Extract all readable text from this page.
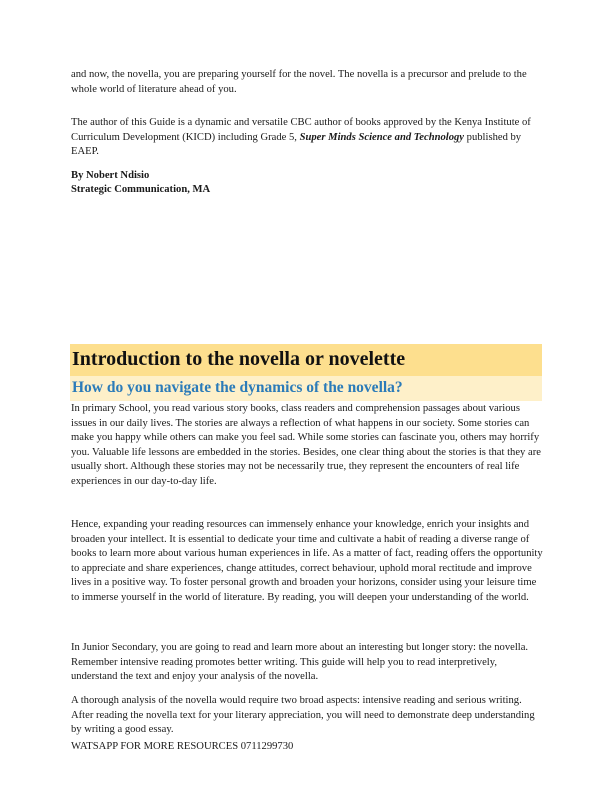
and now, the novella, you are preparing yourself for the novel. The novella is a precursor and prelude to the whole world of literature ahead of you.

The author of this Guide is a dynamic and versatile CBC author of books approved by the Kenya Institute of Curriculum Development (KICD) including Grade 5, Super Minds Science and Technology published by EAEP.

By Nobert Ndisio
Strategic Communication, MA
Introduction to the novella or novelette
How do you navigate the dynamics of the novella?

In primary School, you read various story books, class readers and comprehension passages about various issues in our daily lives. The stories are always a reflection of what happens in our society. Some stories can make you happy while others can make you feel sad. While some stories can fascinate you, others may horrify you. Valuable life lessons are embedded in the stories. Besides, one clear thing about the stories is that they are usually short. Although these stories may not be necessarily true, they represent the encounters of real life experiences in our day-to-day life.

Hence, expanding your reading resources can immensely enhance your knowledge, enrich your insights and broaden your intellect. It is essential to dedicate your time and cultivate a habit of reading a diverse range of books to learn more about various human experiences in life. As a matter of fact, reading offers the opportunity to appreciate and share experiences, change attitudes, correct behaviour, uphold moral rectitude and improve lives in a positive way. To foster personal growth and broaden your horizons, consider using your leisure time to immerse yourself in the world of literature. By reading, you will deepen your understanding of the world.

In Junior Secondary, you are going to read and learn more about an interesting but longer story: the novella. Remember intensive reading promotes better writing. This guide will help you to read interpretively, understand the text and enjoy your analysis of the novella.

A thorough analysis of the novella would require two broad aspects: intensive reading and serious writing. After reading the novella text for your literary appreciation, you will need to demonstrate deep understanding by writing a good essay.

WATSAPP FOR MORE RESOURCES 0711299730
